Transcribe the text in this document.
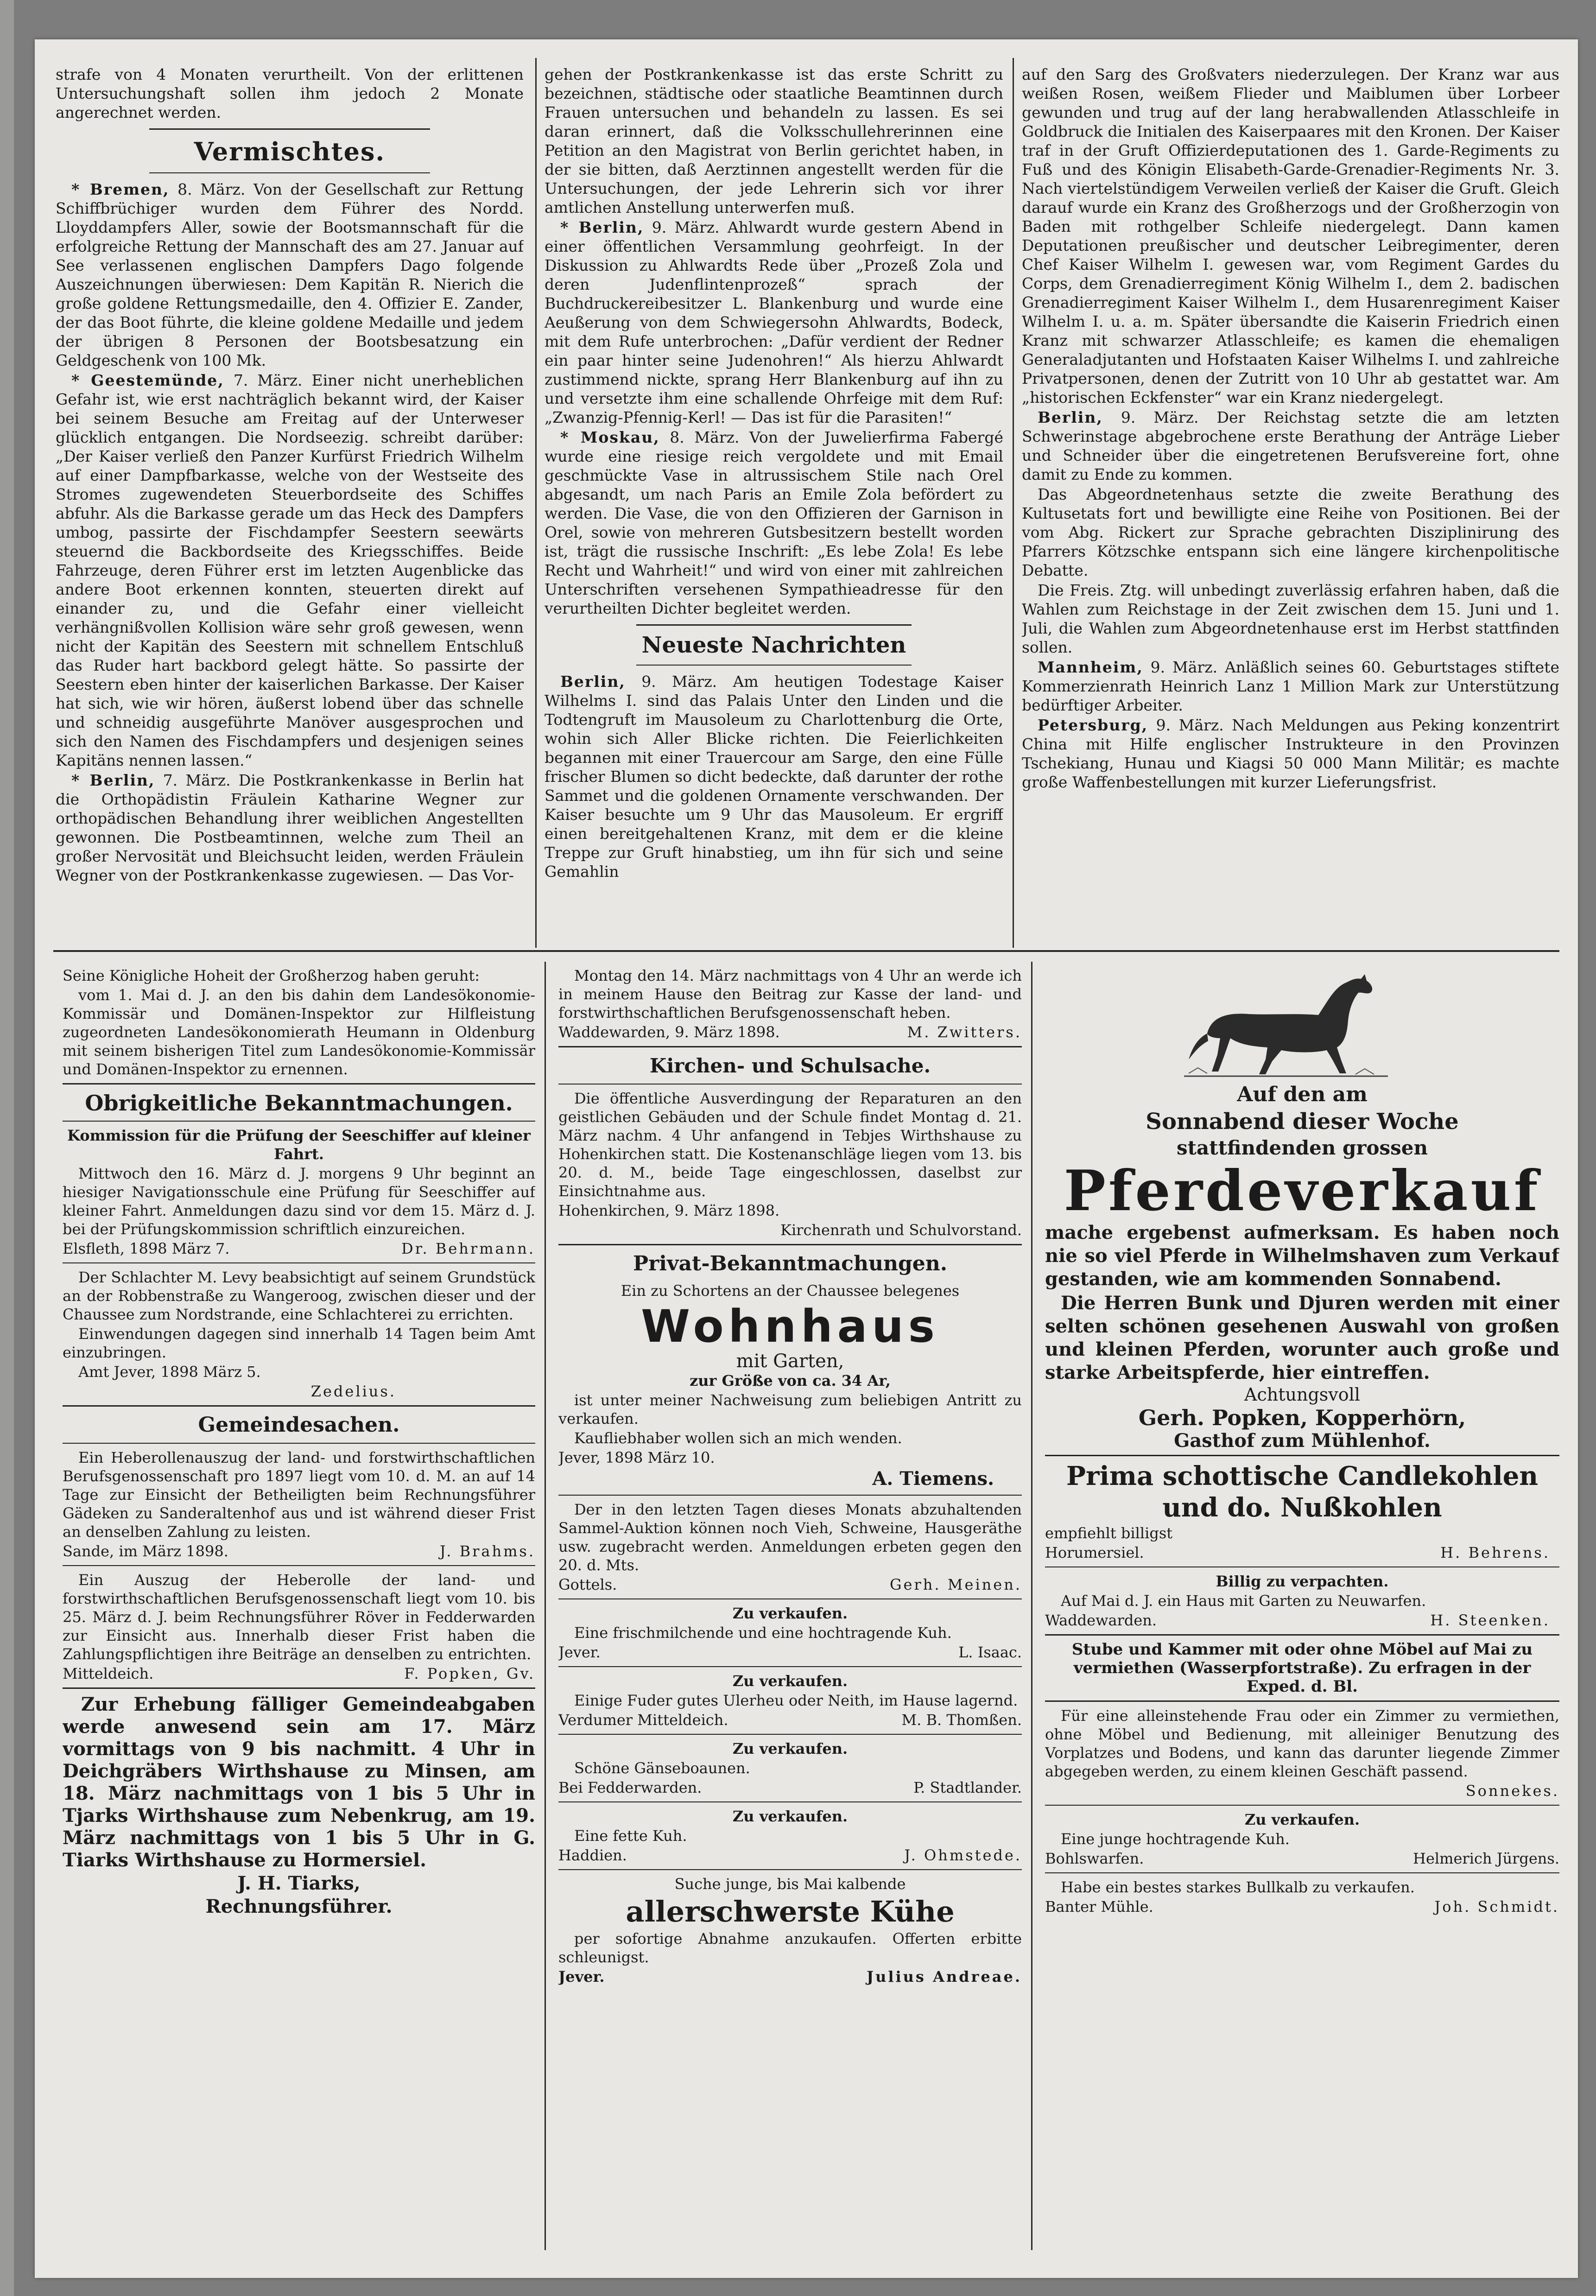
strafe von 4 Monaten verurtheilt. Von der erlittenen Untersuchungshaft sollen ihm jedoch 2 Monate angerechnet werden.

Vermischtes.

* Bremen, 8. März. Von der Gesellschaft zur Rettung Schiffbrüchiger wurden dem Führer des Nordd. Lloyddampfers Aller, sowie der Bootsmannschaft für die erfolgreiche Rettung der Mannschaft des am 27. Januar auf See verlassenen englischen Dampfers Dago folgende Auszeichnungen überwiesen: Dem Kapitän R. Nierich die große goldene Rettungsmedaille, den 4. Offizier E. Zander, der das Boot führte, die kleine goldene Medaille und jedem der übrigen 8 Personen der Bootsbesatzung ein Geldgeschenk von 100 Mk.

* Geestemünde, 7. März. Einer nicht unerheblichen Gefahr ist, wie erst nachträglich bekannt wird, der Kaiser bei seinem Besuche am Freitag auf der Unterweser glücklich entgangen. Die Nordseezig. schreibt darüber: „Der Kaiser verließ den Panzer Kurfürst Friedrich Wilhelm auf einer Dampfbarkasse, welche von der Westseite des Stromes zugewendeten Steuerbordseite des Schiffes abfuhr. Als die Barkasse gerade um das Heck des Dampfers umbog, passirte der Fischdampfer Seestern seewärts steuernd die Backbordseite des Kriegsschiffes. Beide Fahrzeuge, deren Führer erst im letzten Augenblicke das andere Boot erkennen konnten, steuerten direkt auf einander zu, und die Gefahr einer vielleicht verhängnißvollen Kollision wäre sehr groß gewesen, wenn nicht der Kapitän des Seestern mit schnellem Entschluß das Ruder hart backbord gelegt hätte. So passirte der Seestern eben hinter der kaiserlichen Barkasse. Der Kaiser hat sich, wie wir hören, äußerst lobend über das schnelle und schneidig ausgeführte Manöver ausgesprochen und sich den Namen des Fischdampfers und desjenigen seines Kapitäns nennen lassen.“

* Berlin, 7. März. Die Postkrankenkasse in Berlin hat die Orthopädistin Fräulein Katharine Wegner zur orthopädischen Behandlung ihrer weiblichen Angestellten gewonnen. Die Postbeamtinnen, welche zum Theil an großer Nervosität und Bleichsucht leiden, werden Fräulein Wegner von der Postkrankenkasse zugewiesen. — Das Vor-

gehen der Postkrankenkasse ist das erste Schritt zu bezeichnen, städtische oder staatliche Beamtinnen durch Frauen untersuchen und behandeln zu lassen. Es sei daran erinnert, daß die Volksschullehrerinnen eine Petition an den Magistrat von Berlin gerichtet haben, in der sie bitten, daß Aerztinnen angestellt werden für die Untersuchungen, der jede Lehrerin sich vor ihrer amtlichen Anstellung unterwerfen muß.

* Berlin, 9. März. Ahlwardt wurde gestern Abend in einer öffentlichen Versammlung geohrfeigt. In der Diskussion zu Ahlwardts Rede über „Prozeß Zola und deren Judenflintenprozeß“ sprach der Buchdruckereibesitzer L. Blankenburg und wurde eine Aeußerung von dem Schwiegersohn Ahlwardts, Bodeck, mit dem Rufe unterbrochen: „Dafür verdient der Redner ein paar hinter seine Judenohren!“ Als hierzu Ahlwardt zustimmend nickte, sprang Herr Blankenburg auf ihn zu und versetzte ihm eine schallende Ohrfeige mit dem Ruf: „Zwanzig-Pfennig-Kerl! — Das ist für die Parasiten!“

* Moskau, 8. März. Von der Juwelierfirma Fabergé wurde eine riesige reich vergoldete und mit Email geschmückte Vase in altrussischem Stile nach Orel abgesandt, um nach Paris an Emile Zola befördert zu werden. Die Vase, die von den Offizieren der Garnison in Orel, sowie von mehreren Gutsbesitzern bestellt worden ist, trägt die russische Inschrift: „Es lebe Zola! Es lebe Recht und Wahrheit!“ und wird von einer mit zahlreichen Unterschriften versehenen Sympathieadresse für den verurtheilten Dichter begleitet werden.

Neueste Nachrichten

Berlin, 9. März. Am heutigen Todestage Kaiser Wilhelms I. sind das Palais Unter den Linden und die Todtengruft im Mausoleum zu Charlottenburg die Orte, wohin sich Aller Blicke richten. Die Feierlichkeiten begannen mit einer Trauercour am Sarge, den eine Fülle frischer Blumen so dicht bedeckte, daß darunter der rothe Sammet und die goldenen Ornamente verschwanden. Der Kaiser besuchte um 9 Uhr das Mausoleum. Er ergriff einen bereitgehaltenen Kranz, mit dem er die kleine Treppe zur Gruft hinabstieg, um ihn für sich und seine Gemahlin

auf den Sarg des Großvaters niederzulegen. Der Kranz war aus weißen Rosen, weißem Flieder und Maiblumen über Lorbeer gewunden und trug auf der lang herabwallenden Atlasschleife in Goldbruck die Initialen des Kaiserpaares mit den Kronen. Der Kaiser traf in der Gruft Offizierdeputationen des 1. Garde-Regiments zu Fuß und des Königin Elisabeth-Garde-Grenadier-Regiments Nr. 3. Nach viertelstündigem Verweilen verließ der Kaiser die Gruft. Gleich darauf wurde ein Kranz des Großherzogs und der Großherzogin von Baden mit rothgelber Schleife niedergelegt. Dann kamen Deputationen preußischer und deutscher Leibregimenter, deren Chef Kaiser Wilhelm I. gewesen war, vom Regiment Gardes du Corps, dem Grenadierregiment König Wilhelm I., dem 2. badischen Grenadierregiment Kaiser Wilhelm I., dem Husarenregiment Kaiser Wilhelm I. u. a. m. Später übersandte die Kaiserin Friedrich einen Kranz mit schwarzer Atlasschleife; es kamen die ehemaligen Generaladjutanten und Hofstaaten Kaiser Wilhelms I. und zahlreiche Privatpersonen, denen der Zutritt von 10 Uhr ab gestattet war. Am „historischen Eckfenster“ war ein Kranz niedergelegt.

Berlin, 9. März. Der Reichstag setzte die am letzten Schwerinstage abgebrochene erste Berathung der Anträge Lieber und Schneider über die eingetretenen Berufsvereine fort, ohne damit zu Ende zu kommen.

Das Abgeordnetenhaus setzte die zweite Berathung des Kultusetats fort und bewilligte eine Reihe von Positionen. Bei der vom Abg. Rickert zur Sprache gebrachten Disziplinirung des Pfarrers Kötzschke entspann sich eine längere kirchenpolitische Debatte.

Die Freis. Ztg. will unbedingt zuverlässig erfahren haben, daß die Wahlen zum Reichstage in der Zeit zwischen dem 15. Juni und 1. Juli, die Wahlen zum Abgeordnetenhause erst im Herbst stattfinden sollen.

Mannheim, 9. März. Anläßlich seines 60. Geburtstages stiftete Kommerzienrath Heinrich Lanz 1 Million Mark zur Unterstützung bedürftiger Arbeiter.

Petersburg, 9. März. Nach Meldungen aus Peking konzentrirt China mit Hilfe englischer Instrukteure in den Provinzen Tschekiang, Hunau und Kiagsi 50 000 Mann Militär; es machte große Waffenbestellungen mit kurzer Lieferungsfrist.

Seine Königliche Hoheit der Großherzog haben geruht:

vom 1. Mai d. J. an den bis dahin dem Landesökonomie-Kommissär und Domänen-Inspektor zur Hilfleistung zugeordneten Landesökonomierath Heumann in Oldenburg mit seinem bisherigen Titel zum Landesökonomie-Kommissär und Domänen-Inspektor zu ernennen.

Obrigkeitliche Bekanntmachungen.

Kommission für die Prüfung der Seeschiffer auf kleiner Fahrt.

Mittwoch den 16. März d. J. morgens 9 Uhr beginnt an hiesiger Navigationsschule eine Prüfung für Seeschiffer auf kleiner Fahrt. Anmeldungen dazu sind vor dem 15. März d. J. bei der Prüfungskommission schriftlich einzureichen.

Elsfleth, 1898 März 7.	Dr. Behrmann.

Der Schlachter M. Levy beabsichtigt auf seinem Grundstück an der Robbenstraße zu Wangeroog, zwischen dieser und der Chaussee zum Nordstrande, eine Schlachterei zu errichten.

Einwendungen dagegen sind innerhalb 14 Tagen beim Amt einzubringen.

Amt Jever, 1898 März 5.

Zedelius.

Gemeindesachen.

Ein Heberollenauszug der land- und forstwirthschaftlichen Berufsgenossenschaft pro 1897 liegt vom 10. d. M. an auf 14 Tage zur Einsicht der Betheiligten beim Rechnungsführer Gädeken zu Sanderaltenhof aus und ist während dieser Frist an denselben Zahlung zu leisten.

Sande, im März 1898.	J. Brahms.

Ein Auszug der Heberolle der land- und forstwirthschaftlichen Berufsgenossenschaft liegt vom 10. bis 25. März d. J. beim Rechnungsführer Röver in Fedderwarden zur Einsicht aus. Innerhalb dieser Frist haben die Zahlungspflichtigen ihre Beiträge an denselben zu entrichten.

Mitteldeich.	F. Popken, Gv.

Zur Erhebung fälliger Gemeindeabgaben werde anwesend sein am 17. März vormittags von 9 bis nachmitt. 4 Uhr in Deichgräbers Wirthshause zu Minsen, am 18. März nachmittags von 1 bis 5 Uhr in Tjarks Wirthshause zum Nebenkrug, am 19. März nachmittags von 1 bis 5 Uhr in G. Tiarks Wirthshause zu Hormersiel.

J. H. Tiarks,

Rechnungsführer.

Montag den 14. März nachmittags von 4 Uhr an werde ich in meinem Hause den Beitrag zur Kasse der land- und forstwirthschaftlichen Berufsgenossenschaft heben.

Waddewarden, 9. März 1898.	M. Zwitters.
Kirchen- und Schulsache.

Die öffentliche Ausverdingung der Reparaturen an den geistlichen Gebäuden und der Schule findet Montag d. 21. März nachm. 4 Uhr anfangend in Tebjes Wirthshause zu Hohenkirchen statt. Die Kostenanschläge liegen vom 13. bis 20. d. M., beide Tage eingeschlossen, daselbst zur Einsichtnahme aus.

Hohenkirchen, 9. März 1898.

Kirchenrath und Schulvorstand.

Privat-Bekanntmachungen.

Ein zu Schortens an der Chaussee belegenes

Wohnhaus

mit Garten,

zur Größe von ca. 34 Ar,

ist unter meiner Nachweisung zum beliebigen Antritt zu verkaufen.

Kaufliebhaber wollen sich an mich wenden.

Jever, 1898 März 10.

A. Tiemens.

Der in den letzten Tagen dieses Monats abzuhaltenden Sammel-Auktion können noch Vieh, Schweine, Hausgeräthe usw. zugebracht werden. Anmeldungen erbeten gegen den 20. d. Mts.

Gottels.	Gerh. Meinen.

Zu verkaufen.

Eine frischmilchende und eine hochtragende Kuh.

Jever.	L. Isaac.

Zu verkaufen.

Einige Fuder gutes Ulerheu oder Neith, im Hause lagernd.

Verdumer Mitteldeich.	M. B. Thomßen.

Zu verkaufen.

Schöne Gänseboaunen.

Bei Fedderwarden.	P. Stadtlander.

Zu verkaufen.

Eine fette Kuh.

Haddien.	J. Ohmstede.

Suche junge, bis Mai kalbende

allerschwerste Kühe

per sofortige Abnahme anzukaufen. Offerten erbitte schleunigst.

Jever.	Julius Andreae.

Auf den am

Sonnabend dieser Woche

stattfindenden grossen

Pferdeverkauf

mache ergebenst aufmerksam. Es haben noch nie so viel Pferde in Wilhelmshaven zum Verkauf gestanden, wie am kommenden Sonnabend.

Die Herren Bunk und Djuren werden mit einer selten schönen gesehenen Auswahl von großen und kleinen Pferden, worunter auch große und starke Arbeitspferde, hier eintreffen.

Achtungsvoll

Gerh. Popken, Kopperhörn,

Gasthof zum Mühlenhof.

Prima schottische Candlekohlen

und do. Nußkohlen

empfiehlt billigst

Horumersiel.	H. Behrens.

Billig zu verpachten.

Auf Mai d. J. ein Haus mit Garten zu Neuwarfen.

Waddewarden.	H. Steenken.

Stube und Kammer mit oder ohne Möbel auf Mai zu vermiethen (Wasserpfortstraße). Zu erfragen in der Exped. d. Bl.

Für eine alleinstehende Frau oder ein Zimmer zu vermiethen, ohne Möbel und Bedienung, mit alleiniger Benutzung des Vorplatzes und Bodens, und kann das darunter liegende Zimmer abgegeben werden, zu einem kleinen Geschäft passend.

Sonnekes.

Zu verkaufen.

Eine junge hochtragende Kuh.

Bohlswarfen.	Helmerich Jürgens.

Habe ein bestes starkes Bullkalb zu verkaufen.

Banter Mühle.	Joh. Schmidt.
